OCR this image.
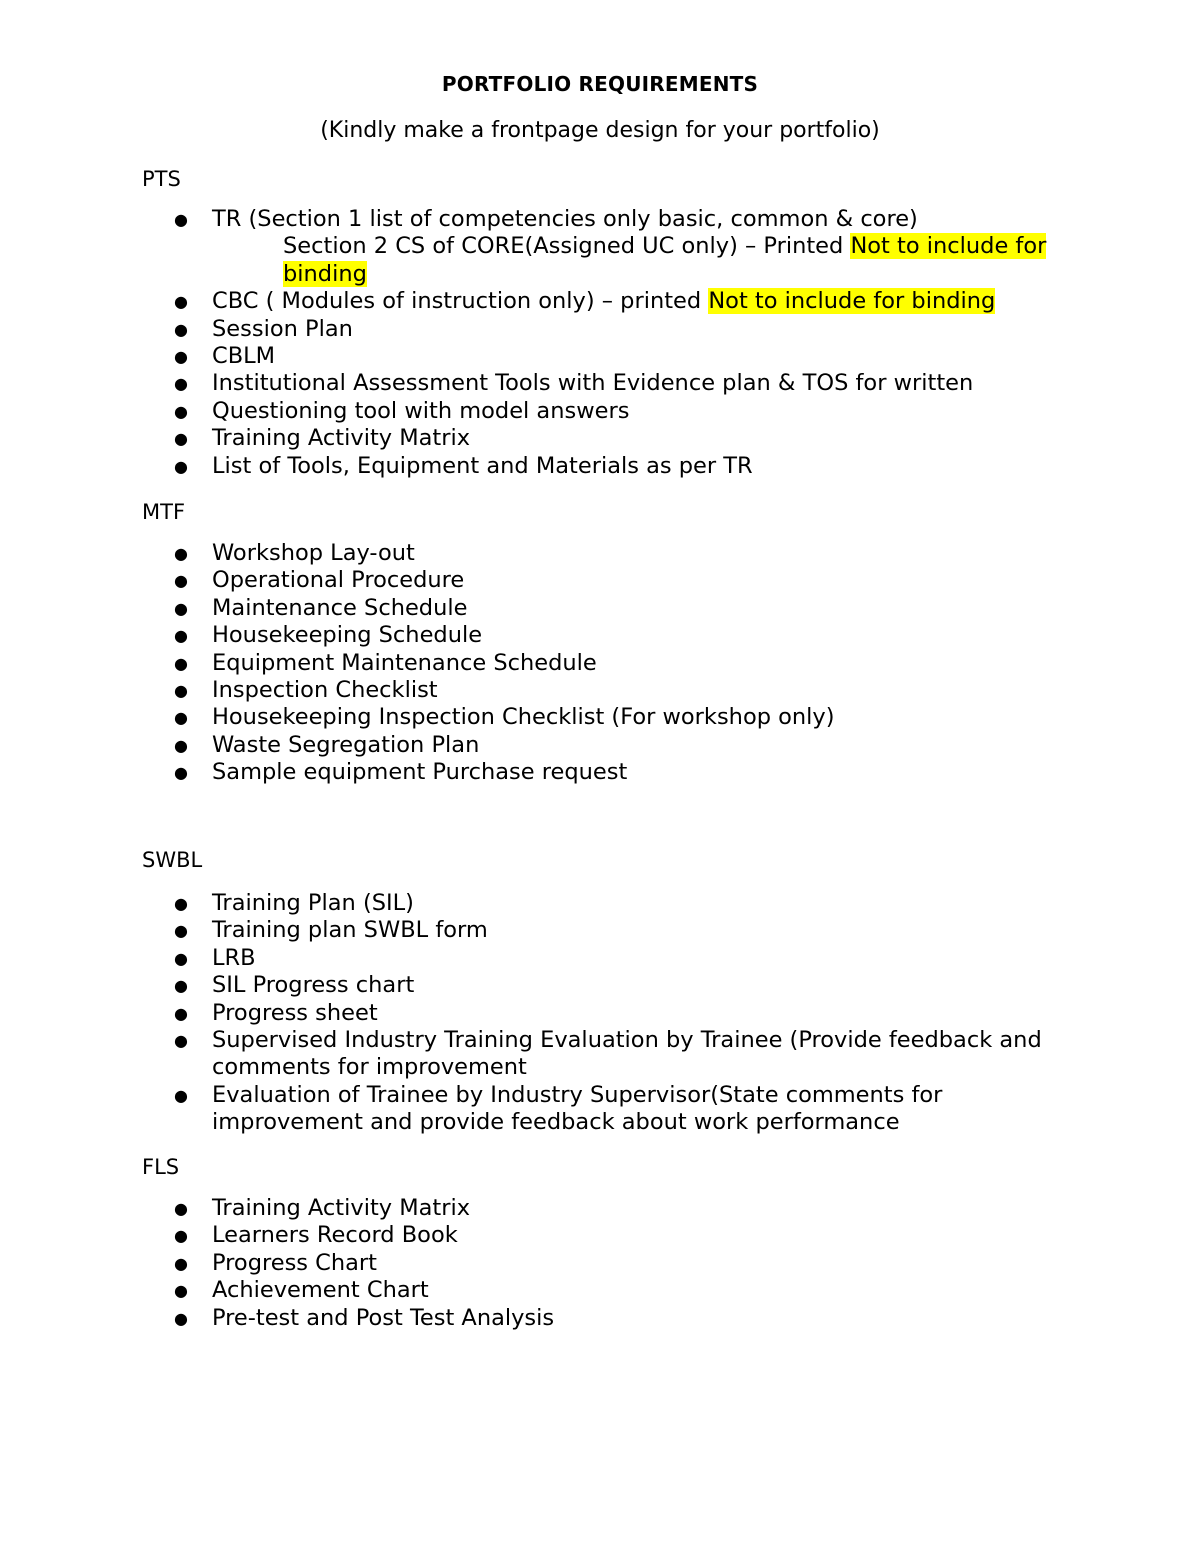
PORTFOLIO REQUIREMENTS
(Kindly make a frontpage design for your portfolio)
PTS
● TR (Section 1 list of competencies only basic, common & core)
Section 2 CS of CORE(Assigned UC only) – Printed Not to include for binding
● CBC ( Modules of instruction only) – printed Not to include for binding
● Session Plan
● CBLM
● Institutional Assessment Tools with Evidence plan & TOS for written
● Questioning tool with model answers
● Training Activity Matrix
● List of Tools, Equipment and Materials as per TR
MTF
● Workshop Lay-out
● Operational Procedure
● Maintenance Schedule
● Housekeeping Schedule
● Equipment Maintenance Schedule
● Inspection Checklist
● Housekeeping Inspection Checklist (For workshop only)
● Waste Segregation Plan
● Sample equipment Purchase request
SWBL
● Training Plan (SIL)
● Training plan SWBL form
● LRB
● SIL Progress chart
● Progress sheet
● Supervised Industry Training Evaluation by Trainee (Provide feedback and comments for improvement
● Evaluation of Trainee by Industry Supervisor(State comments for improvement and provide feedback about work performance
FLS
● Training Activity Matrix
● Learners Record Book
● Progress Chart
● Achievement Chart
● Pre-test and Post Test Analysis
